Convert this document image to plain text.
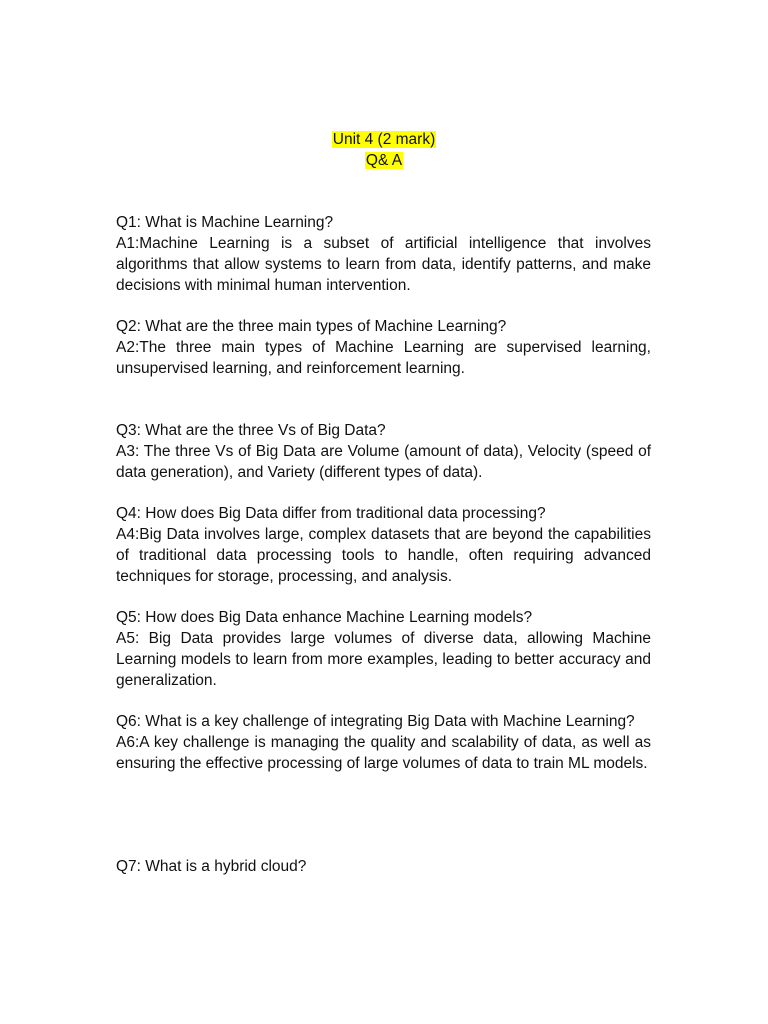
Unit 4 (2 mark)
Q& A

Q1: What is Machine Learning?

A1:Machine Learning is a subset of artificial intelligence that involves algorithms that allow systems to learn from data, identify patterns, and make decisions with minimal human intervention.

Q2: What are the three main types of Machine Learning?

A2:The three main types of Machine Learning are supervised learning, unsupervised learning, and reinforcement learning.

Q3: What are the three Vs of Big Data?

A3: The three Vs of Big Data are Volume (amount of data), Velocity (speed of data generation), and Variety (different types of data).

Q4: How does Big Data differ from traditional data processing?

A4:Big Data involves large, complex datasets that are beyond the capabilities of traditional data processing tools to handle, often requiring advanced techniques for storage, processing, and analysis.

Q5: How does Big Data enhance Machine Learning models?

A5: Big Data provides large volumes of diverse data, allowing Machine Learning models to learn from more examples, leading to better accuracy and generalization.

Q6: What is a key challenge of integrating Big Data with Machine Learning?

A6:A key challenge is managing the quality and scalability of data, as well as ensuring the effective processing of large volumes of data to train ML models.

Q7: What is a hybrid cloud?
